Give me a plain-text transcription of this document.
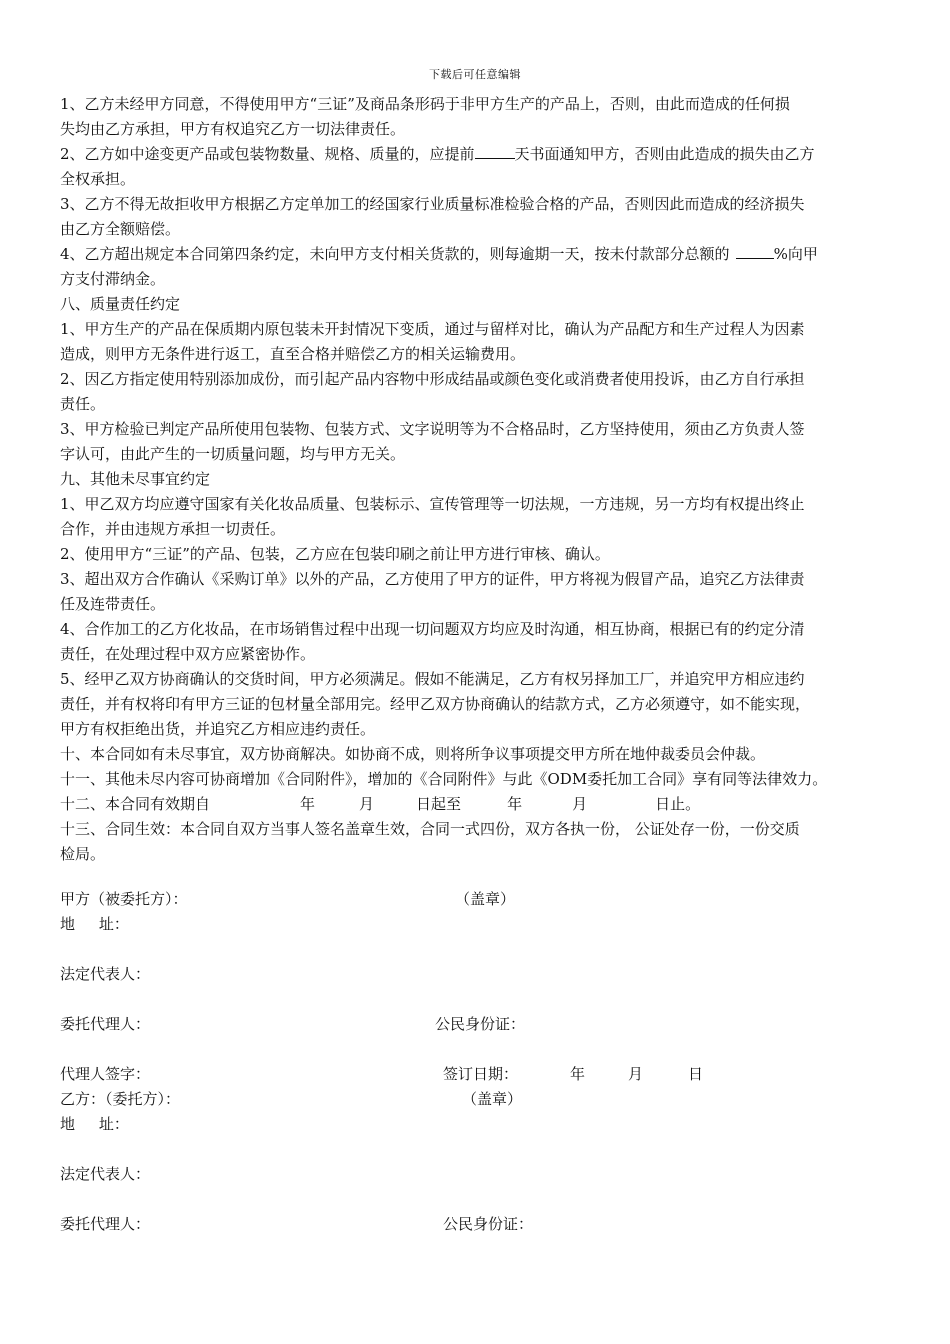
下载后可任意编辑

1、乙方未经甲方同意，不得使用甲方“三证”及商品条形码于非甲方生产的产品上，否则，由此而造成的任何损

失均由乙方承担，甲方有权追究乙方一切法律责任。

2、乙方如中途变更产品或包装物数量、规格、质量的，应提前	天书面通知甲方，否则由此造成的损失由乙方

全权承担。

3、乙方不得无故拒收甲方根据乙方定单加工的经国家行业质量标准检验合格的产品，否则因此而造成的经济损失

由乙方全额赔偿。

4、乙方超出规定本合同第四条约定，未向甲方支付相关货款的，则每逾期一天，按未付款部分总额的	%向甲

方支付滞纳金。

八、质量责任约定

1、甲方生产的产品在保质期内原包装未开封情况下变质，通过与留样对比，确认为产品配方和生产过程人为因素

造成，则甲方无条件进行返工，直至合格并赔偿乙方的相关运输费用。

2、因乙方指定使用特别添加成份，而引起产品内容物中形成结晶或颜色变化或消费者使用投诉，由乙方自行承担

责任。

3、甲方检验已判定产品所使用包装物、包装方式、文字说明等为不合格品时，乙方坚持使用，须由乙方负责人签

字认可，由此产生的一切质量问题，均与甲方无关。

九、其他未尽事宜约定

1、甲乙双方均应遵守国家有关化妆品质量、包装标示、宣传管理等一切法规，一方违规，另一方均有权提出终止

合作，并由违规方承担一切责任。

2、使用甲方“三证”的产品、包装，乙方应在包装印刷之前让甲方进行审核、确认。

3、超出双方合作确认《采购订单》以外的产品，乙方使用了甲方的证件，甲方将视为假冒产品，追究乙方法律责

任及连带责任。

4、合作加工的乙方化妆品，在市场销售过程中出现一切问题双方均应及时沟通，相互协商，根据已有的约定分清

责任，在处理过程中双方应紧密协作。

5、经甲乙双方协商确认的交货时间，甲方必须满足。假如不能满足，乙方有权另择加工厂，并追究甲方相应违约

责任，并有权将印有甲方三证的包材量全部用完。经甲乙双方协商确认的结款方式，乙方必须遵守，如不能实现，

甲方有权拒绝出货，并追究乙方相应违约责任。

十、本合同如有未尽事宜，双方协商解决。如协商不成，则将所争议事项提交甲方所在地仲裁委员会仲裁。

十一、其他未尽内容可协商增加《合同附件》，增加的《合同附件》与此《ODM委托加工合同》享有同等法律效力。

十二、本合同有效期自	年	月	日起至	年	月	日止。

十三、合同生效：本合同自双方当事人签名盖章生效，合同一式四份，双方各执一份， 公证处存一份，一份交质

检局。

甲方（被委托方）：	（盖章）
地     址：
法定代表人：
委托代理人：	公民身份证：
代理人签字：	签订日期：	年	月	日
乙方：（委托方）：	（盖章）
地     址：
法定代表人：
委托代理人：	公民身份证：
